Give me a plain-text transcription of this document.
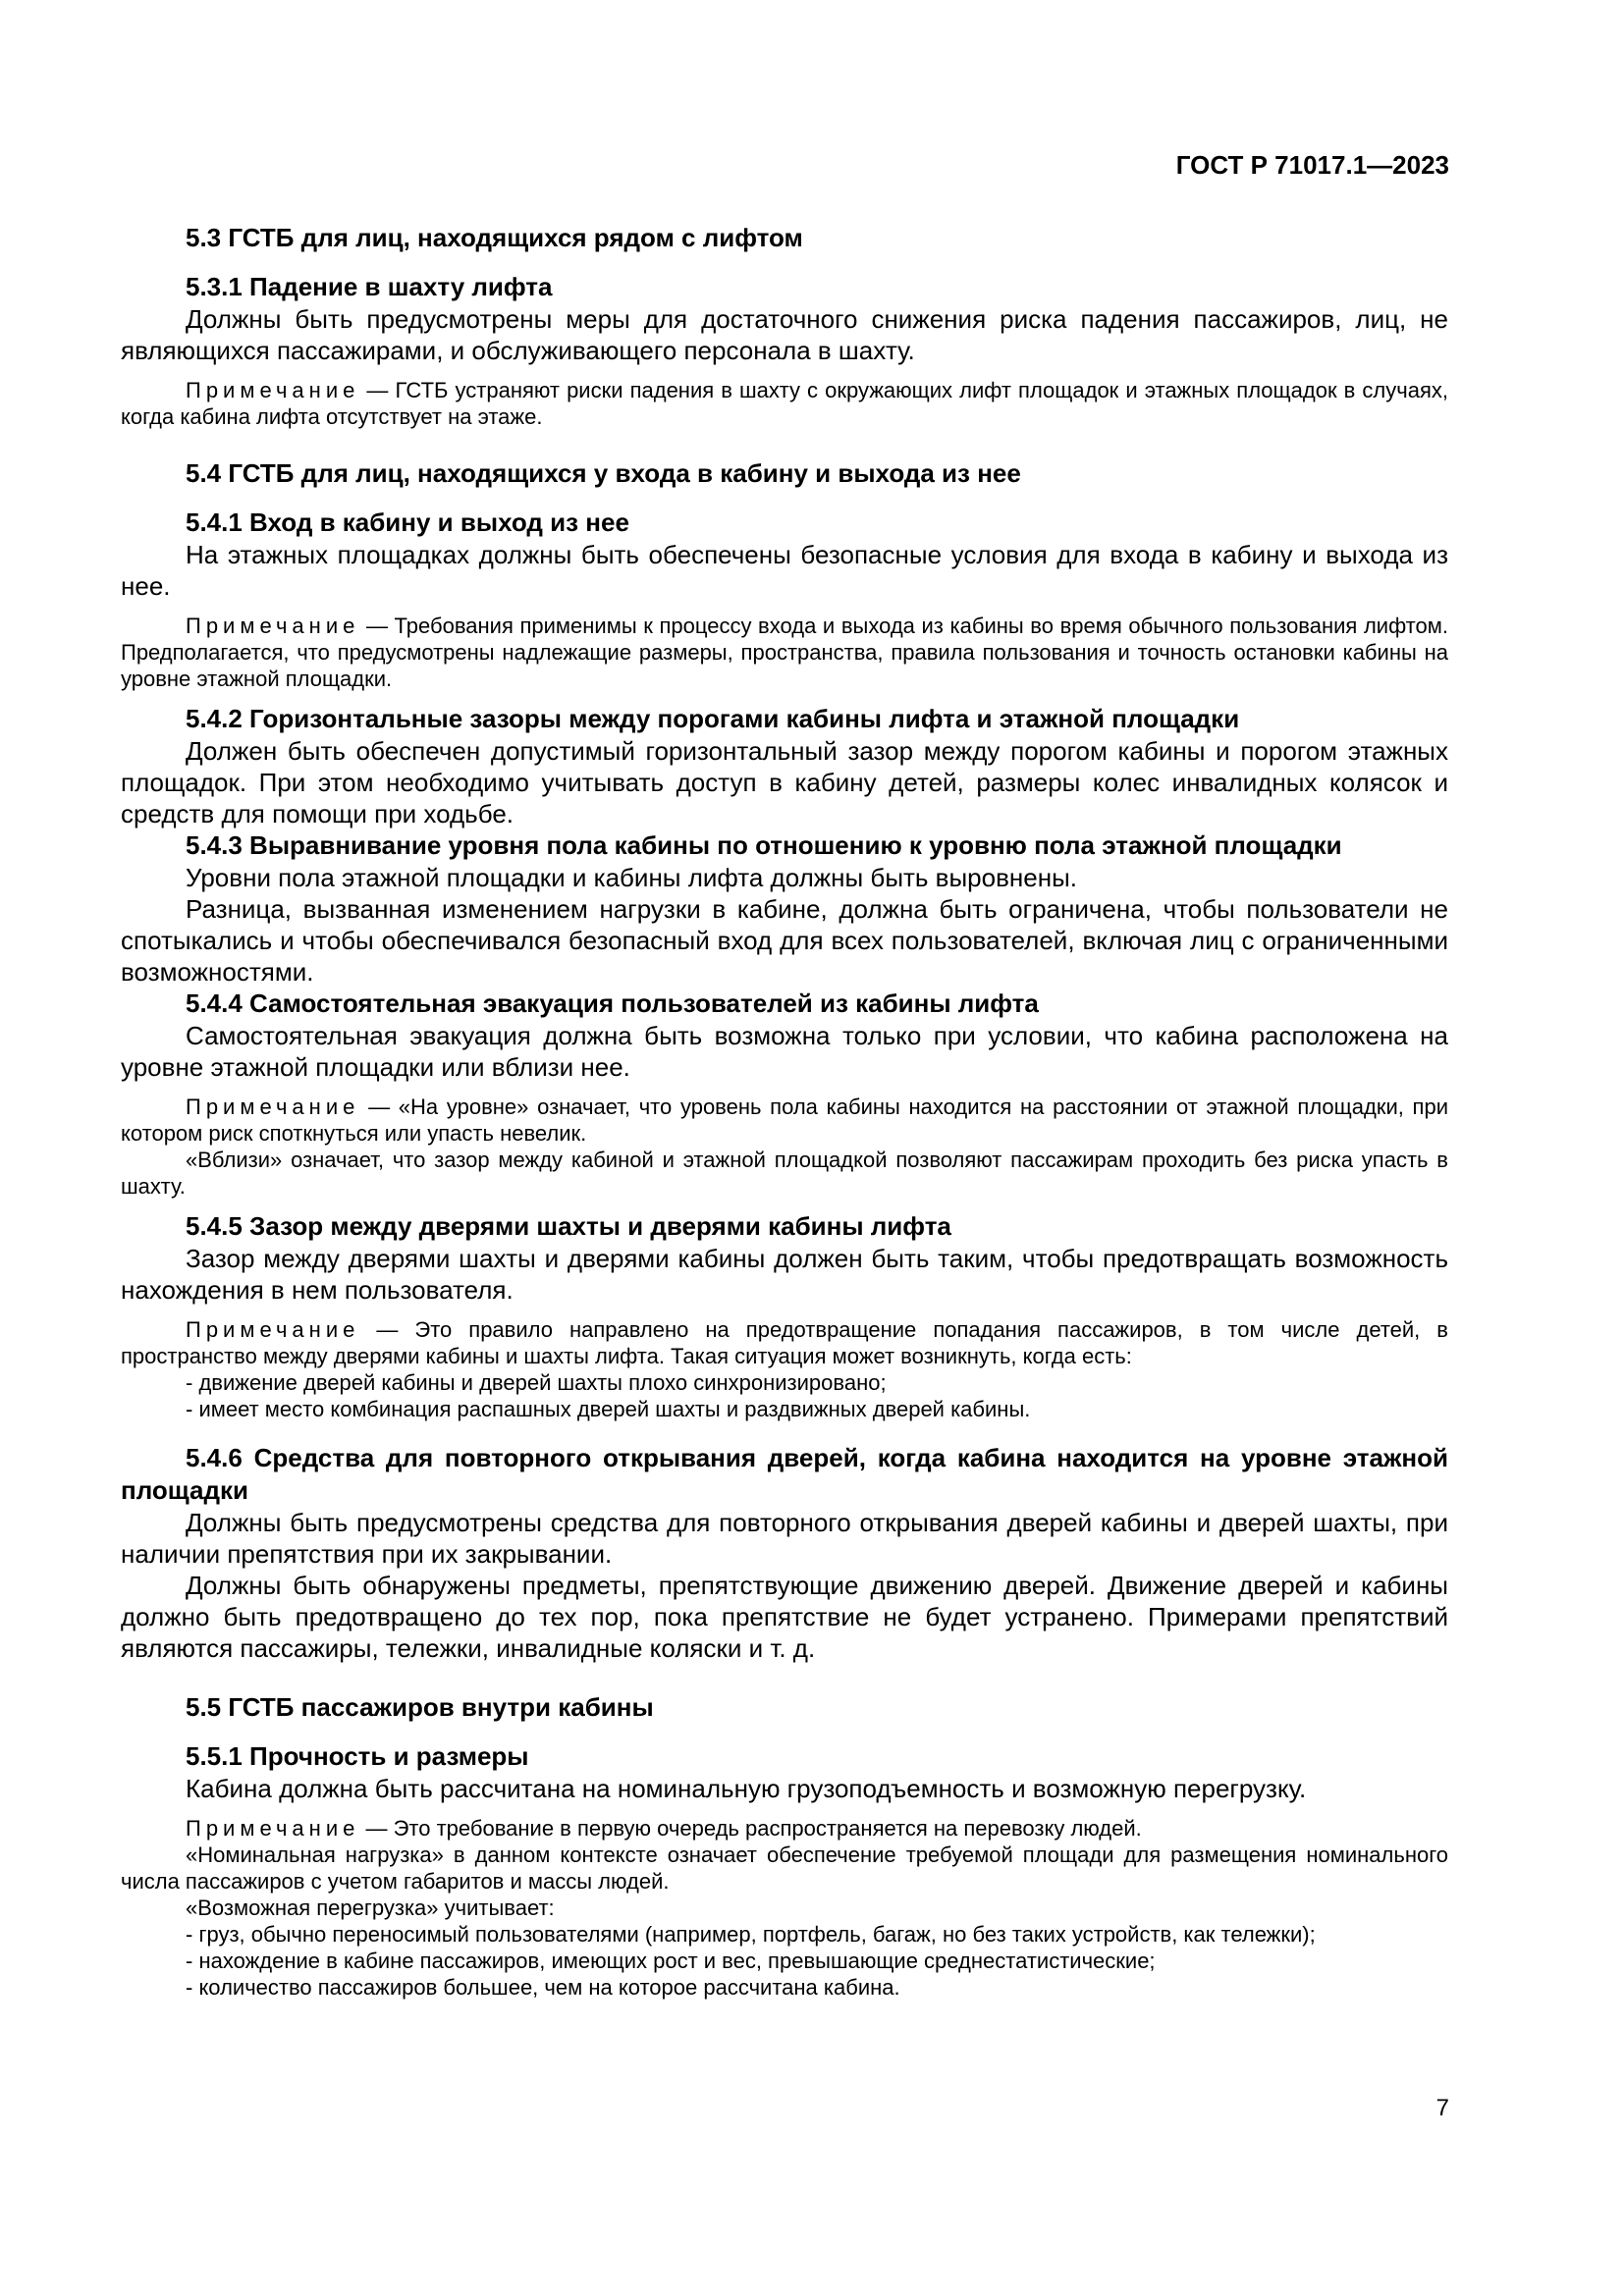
ГОСТ Р 71017.1—2023
5.3 ГСТБ для лиц, находящихся рядом с лифтом
5.3.1 Падение в шахту лифта

Должны быть предусмотрены меры для достаточного снижения риска падения пассажиров, лиц, не являющихся пассажирами, и обслуживающего персонала в шахту.

Примечание — ГСТБ устраняют риски падения в шахту с окружающих лифт площадок и этажных площадок в случаях, когда кабина лифта отсутствует на этаже.

5.4 ГСТБ для лиц, находящихся у входа в кабину и выхода из нее
5.4.1 Вход в кабину и выход из нее

На этажных площадках должны быть обеспечены безопасные условия для входа в кабину и выхода из нее.

Примечание — Требования применимы к процессу входа и выхода из кабины во время обычного пользования лифтом. Предполагается, что предусмотрены надлежащие размеры, пространства, правила пользования и точность остановки кабины на уровне этажной площадки.

5.4.2 Горизонтальные зазоры между порогами кабины лифта и этажной площадки

Должен быть обеспечен допустимый горизонтальный зазор между порогом кабины и порогом этажных площадок. При этом необходимо учитывать доступ в кабину детей, размеры колес инвалидных колясок и средств для помощи при ходьбе.

5.4.3 Выравнивание уровня пола кабины по отношению к уровню пола этажной площадки

Уровни пола этажной площадки и кабины лифта должны быть выровнены.

Разница, вызванная изменением нагрузки в кабине, должна быть ограничена, чтобы пользователи не спотыкались и чтобы обеспечивался безопасный вход для всех пользователей, включая лиц с ограниченными возможностями.

5.4.4 Самостоятельная эвакуация пользователей из кабины лифта

Самостоятельная эвакуация должна быть возможна только при условии, что кабина расположена на уровне этажной площадки или вблизи нее.

Примечание — «На уровне» означает, что уровень пола кабины находится на расстоянии от этажной площадки, при котором риск споткнуться или упасть невелик.

«Вблизи» означает, что зазор между кабиной и этажной площадкой позволяют пассажирам проходить без риска упасть в шахту.

5.4.5 Зазор между дверями шахты и дверями кабины лифта

Зазор между дверями шахты и дверями кабины должен быть таким, чтобы предотвращать возможность нахождения в нем пользователя.

Примечание — Это правило направлено на предотвращение попадания пассажиров, в том числе детей, в пространство между дверями кабины и шахты лифта. Такая ситуация может возникнуть, когда есть:

- движение дверей кабины и дверей шахты плохо синхронизировано;

- имеет место комбинация распашных дверей шахты и раздвижных дверей кабины.

5.4.6 Средства для повторного открывания дверей, когда кабина находится на уровне этажной площадки

Должны быть предусмотрены средства для повторного открывания дверей кабины и дверей шахты, при наличии препятствия при их закрывании.

Должны быть обнаружены предметы, препятствующие движению дверей. Движение дверей и кабины должно быть предотвращено до тех пор, пока препятствие не будет устранено. Примерами препятствий являются пассажиры, тележки, инвалидные коляски и т. д.

5.5 ГСТБ пассажиров внутри кабины
5.5.1 Прочность и размеры

Кабина должна быть рассчитана на номинальную грузоподъемность и возможную перегрузку.

Примечание — Это требование в первую очередь распространяется на перевозку людей.

«Номинальная нагрузка» в данном контексте означает обеспечение требуемой площади для размещения номинального числа пассажиров с учетом габаритов и массы людей.

«Возможная перегрузка» учитывает:

- груз, обычно переносимый пользователями (например, портфель, багаж, но без таких устройств, как тележки);

- нахождение в кабине пассажиров, имеющих рост и вес, превышающие среднестатистические;

- количество пассажиров большее, чем на которое рассчитана кабина.

7
